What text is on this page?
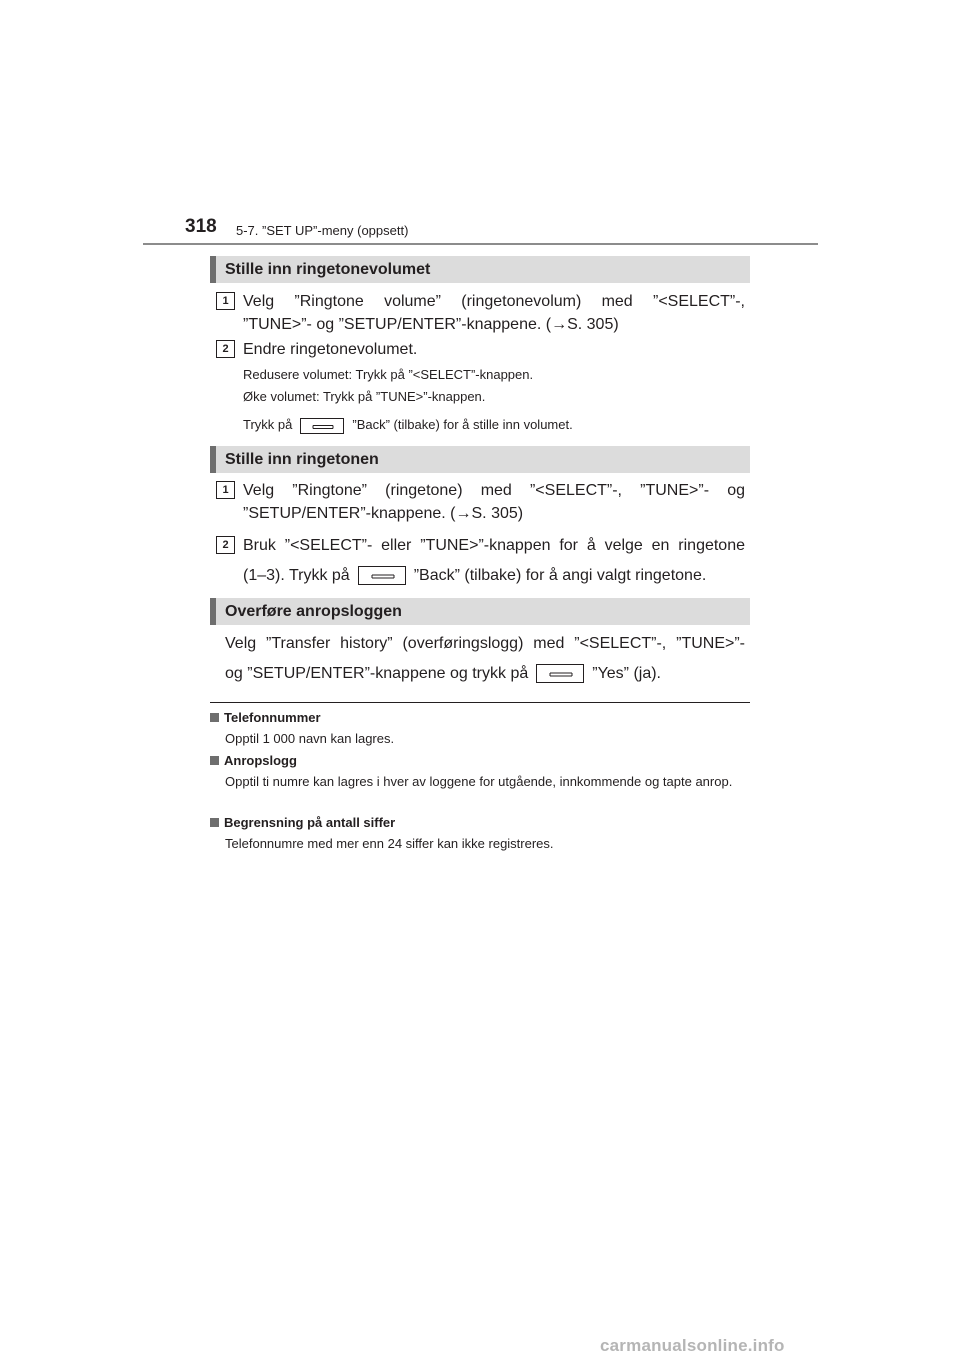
318 5-7. ”SET UP”-meny (oppsett)
Stille inn ringetonevolumet
1 Velg ”Ringtone volume” (ringetonevolum) med ”<SELECT”-,
”TUNE>”- og ”SETUP/ENTER”-knappene. (→S. 305)
2 Endre ringetonevolumet.
Redusere volumet: Trykk på ”<SELECT”-knappen.
Øke volumet: Trykk på ”TUNE>”-knappen.
Trykk på	”Back” (tilbake) for å stille inn volumet.
Stille inn ringetonen
1 Velg ”Ringtone” (ringetone) med ”<SELECT”-, ”TUNE>”- og
”SETUP/ENTER”-knappene. (→S. 305)
2 Bruk ”<SELECT”- eller ”TUNE>”-knappen for å velge en ringetone
(1–3). Trykk på	”Back” (tilbake) for å angi valgt ringetone.
Overføre anropsloggen
Velg ”Transfer history” (overføringslogg) med ”<SELECT”-, ”TUNE>”-
og ”SETUP/ENTER”-knappene og trykk på	”Yes” (ja).
Telefonnummer
Opptil 1 000 navn kan lagres.
Anropslogg
Opptil ti numre kan lagres i hver av loggene for utgående, innkommende og tapte anrop.
Begrensning på antall siffer
Telefonnumre med mer enn 24 siffer kan ikke registreres.
carmanualsonline.info
